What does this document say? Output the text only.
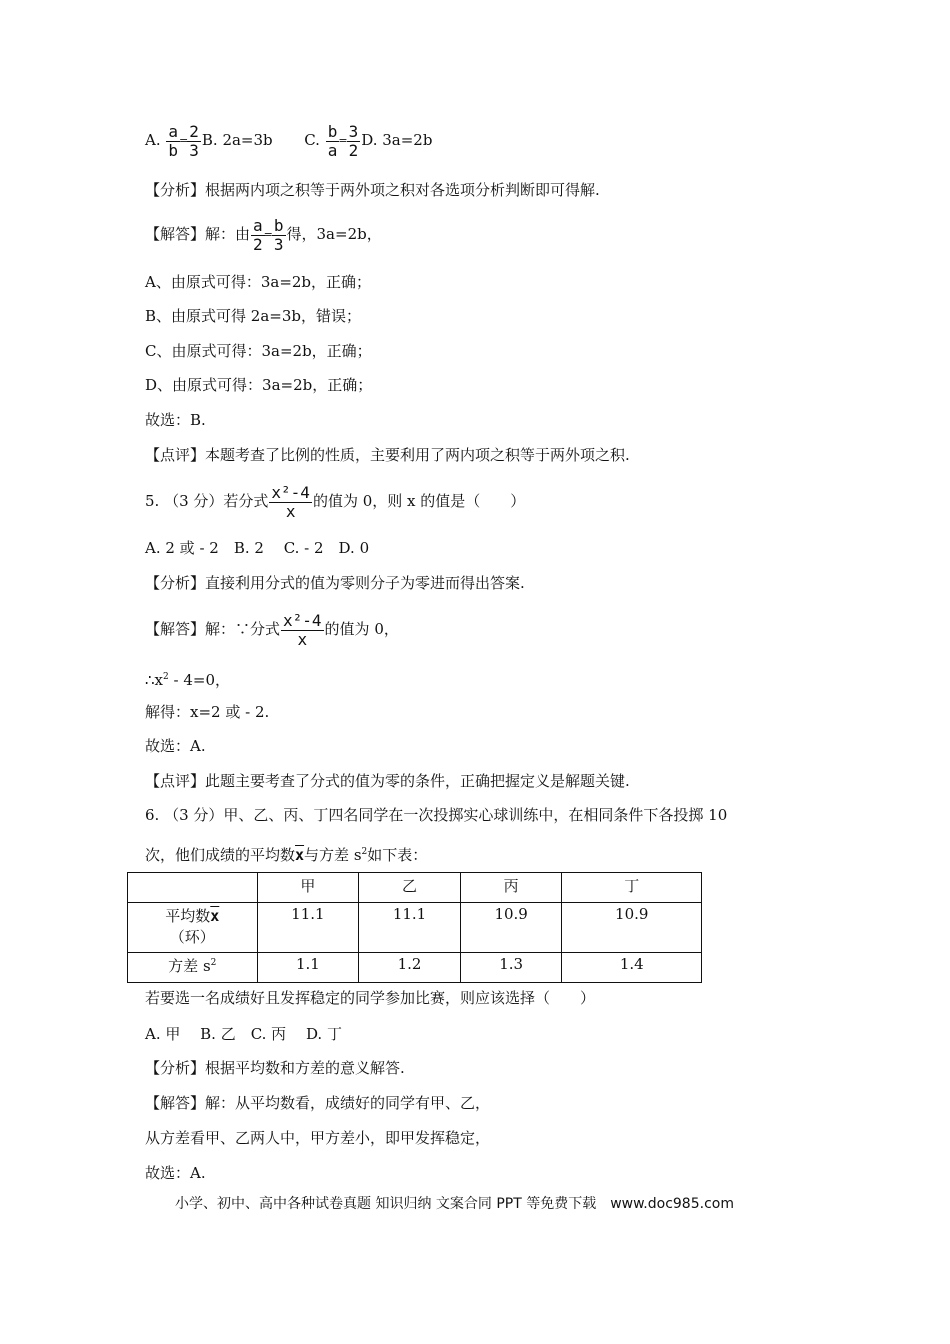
A. $\frac{a}{b} = \frac{2}{3} B$. 2a=3b C. $\frac{b}{a} = \frac{3}{2} D$. 3a=2b
【分析】根据两内项之积等于两外项之积对各选项分析判断即可得解.
【解答】解：由 $\frac{a}{2} = \frac{b}{3}$ 得，3a=2b，
A、由原式可得：3a=2b，正确；
B、由原式可得 2a=3b，错误；
C、由原式可得：3a=2b，正确；
D、由原式可得：3a=2b，正确；
故选：B.
【点评】本题考查了比例的性质，主要利用了两内项之积等于两外项之积.
5. （3 分）若分式 $\frac{\text{x²-4}}{x}$ 的值为 0，则 x 的值是（　　）
A. 2 或 - 2　B. 2　 C. - 2　D. 0
【分析】直接利用分式的值为零则分子为零进而得出答案.
【解答】解：∵分式 $\frac{\text{x²-4}}{x}$ 的值为 0，
$\therefore x^2 - 4=0$，
解得：x=2 或 - 2.
故选：A.
【点评】此题主要考查了分式的值为零的条件，正确把握定义是解题关键.
6. （3 分）甲、乙、丙、丁四名同学在一次投掷实心球训练中，在相同条件下各投掷 10
次，他们成绩的平均数$\overline{x}$与方差 $s^2$如下表：
	甲	乙	丙	丁
平均数$\overline{x}$
（环）	11.1	11.1	10.9	10.9
方差 $s^2$	1.1	1.2	1.3	1.4
若要选一名成绩好且发挥稳定的同学参加比赛，则应该选择（　　）
A. 甲　 B. 乙　C. 丙　 D. 丁
【分析】根据平均数和方差的意义解答.
【解答】解：从平均数看，成绩好的同学有甲、乙，
从方差看甲、乙两人中，甲方差小，即甲发挥稳定，
故选：A.
小学、初中、高中各种试卷真题 知识归纳 文案合同 PPT 等免费下载　www.doc985.com
